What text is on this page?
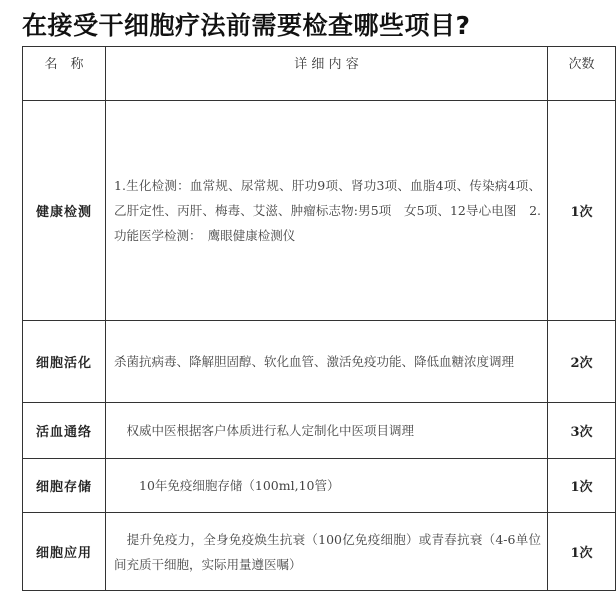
在接受干细胞疗法前需要检查哪些项目?
名　称	详 细 内 容	次数
健康检测	1.生化检测：血常规、尿常规、肝功9项、肾功3项、血脂4项、传染病4项、乙肝定性、丙肝、梅毒、艾滋、肿瘤标志物:男5项　女5项、12导心电图　2. 功能医学检测：　鹰眼健康检测仪	1次
细胞活化	杀菌抗病毒、降解胆固醇、软化血管、激活免疫功能、降低血糖浓度调理	2次
活血通络	　权威中医根据客户体质进行私人定制化中医项目调理	3次
细胞存储	　　10年免疫细胞存储（100ml,10管）	1次
细胞应用	　提升免疫力，全身免疫焕生抗衰（100亿免疫细胞）或青春抗衰（4-6单位间充质干细胞，实际用量遵医嘱）	1次
